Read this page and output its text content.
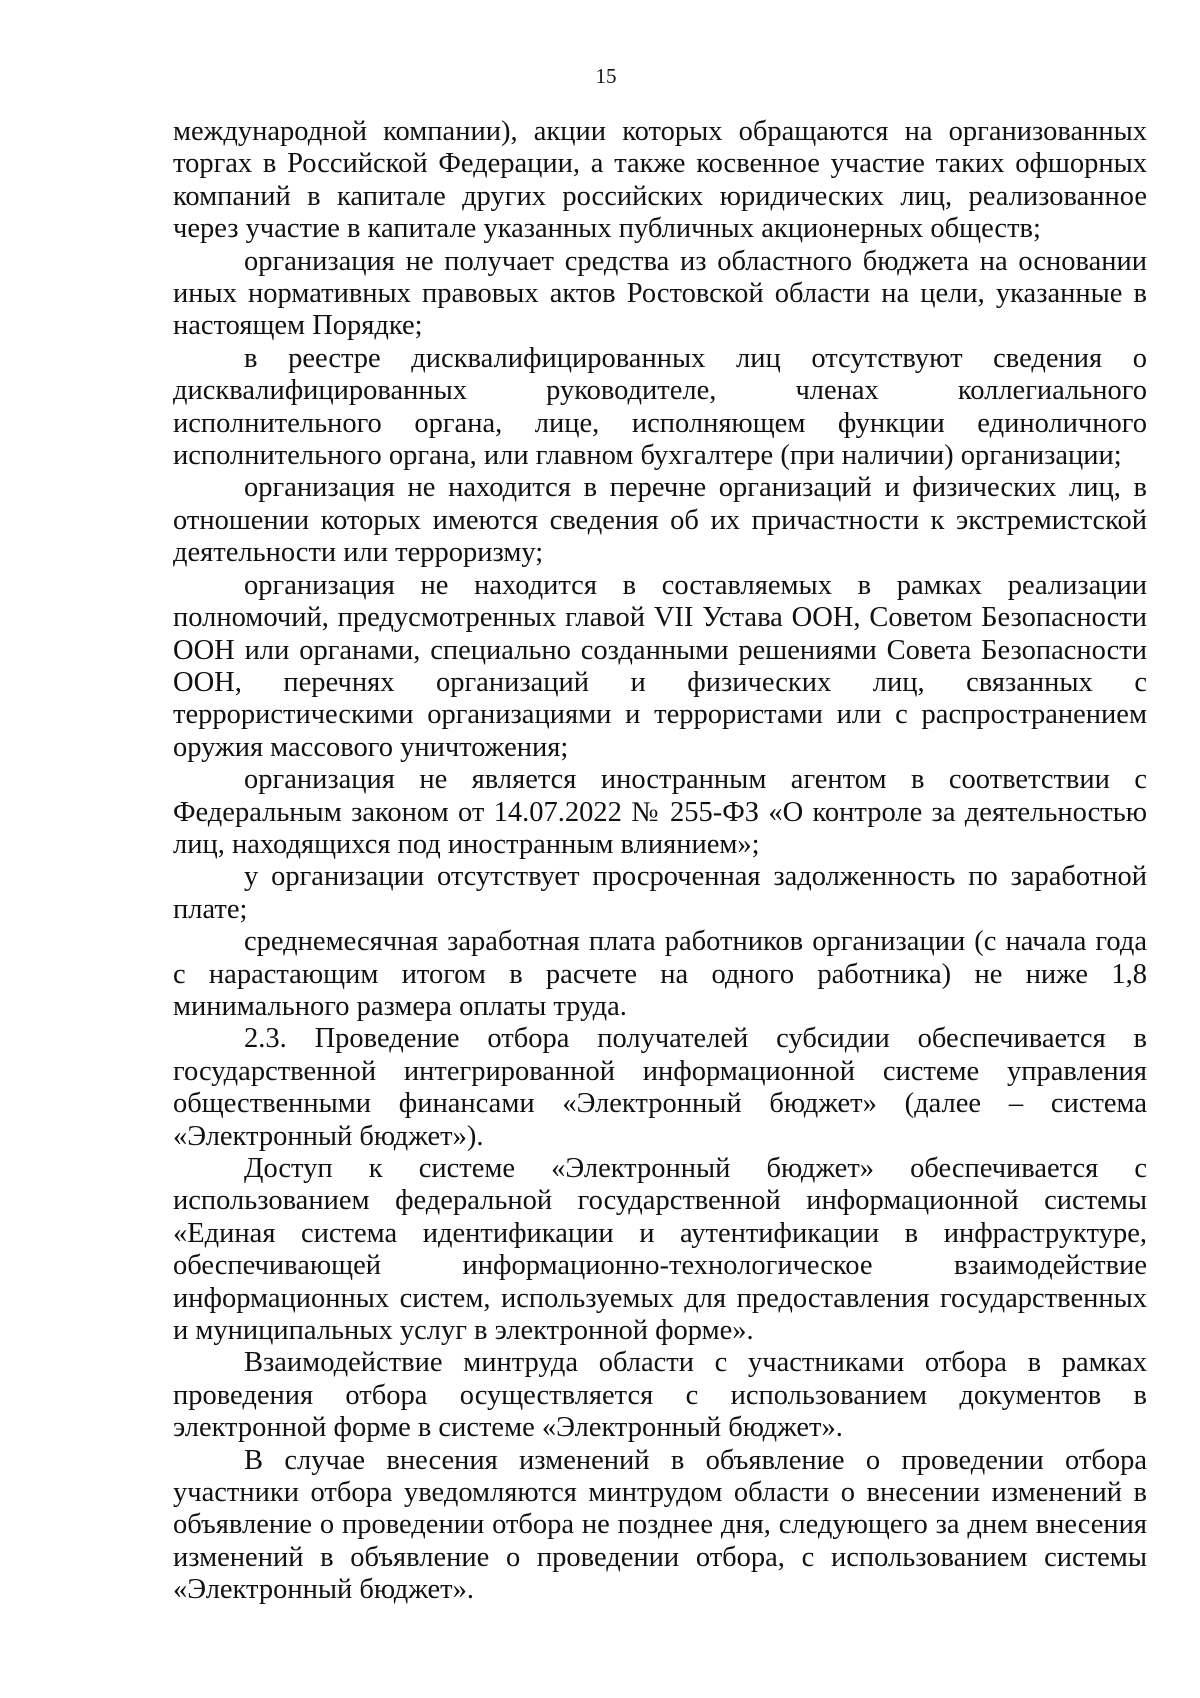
15

международной компании), акции которых обращаются на организованных торгах в Российской Федерации, а также косвенное участие таких офшорных компаний в капитале других российских юридических лиц, реализованное через участие в капитале указанных публичных акционерных обществ;

организация не получает средства из областного бюджета на основании иных нормативных правовых актов Ростовской области на цели, указанные в настоящем Порядке;

в реестре дисквалифицированных лиц отсутствуют сведения о дисквалифицированных руководителе, членах коллегиального исполнительного органа, лице, исполняющем функции единоличного исполнительного органа, или главном бухгалтере (при наличии) организации;

организация не находится в перечне организаций и физических лиц, в отношении которых имеются сведения об их причастности к экстремистской деятельности или терроризму;

организация не находится в составляемых в рамках реализации полномочий, предусмотренных главой VII Устава ООН, Советом Безопасности ООН или органами, специально созданными решениями Совета Безопасности ООН, перечнях организаций и физических лиц, связанных с террористическими организациями и террористами или с распространением оружия массового уничтожения;

организация не является иностранным агентом в соответствии с Федеральным законом от 14.07.2022 № 255-ФЗ «О контроле за деятельностью лиц, находящихся под иностранным влиянием»;

у организации отсутствует просроченная задолженность по заработной плате;

среднемесячная заработная плата работников организации (с начала года с нарастающим итогом в расчете на одного работника) не ниже 1,8 минимального размера оплаты труда.

2.3. Проведение отбора получателей субсидии обеспечивается в государственной интегрированной информационной системе управления общественными финансами «Электронный бюджет» (далее – система «Электронный бюджет»).

Доступ к системе «Электронный бюджет» обеспечивается с использованием федеральной государственной информационной системы «Единая система идентификации и аутентификации в инфраструктуре, обеспечивающей информационно-технологическое взаимодействие информационных систем, используемых для предоставления государственных и муниципальных услуг в электронной форме».

Взаимодействие минтруда области с участниками отбора в рамках проведения отбора осуществляется с использованием документов в электронной форме в системе «Электронный бюджет».

В случае внесения изменений в объявление о проведении отбора участники отбора уведомляются минтрудом области о внесении изменений в объявление о проведении отбора не позднее дня, следующего за днем внесения изменений в объявление о проведении отбора, с использованием системы «Электронный бюджет».
